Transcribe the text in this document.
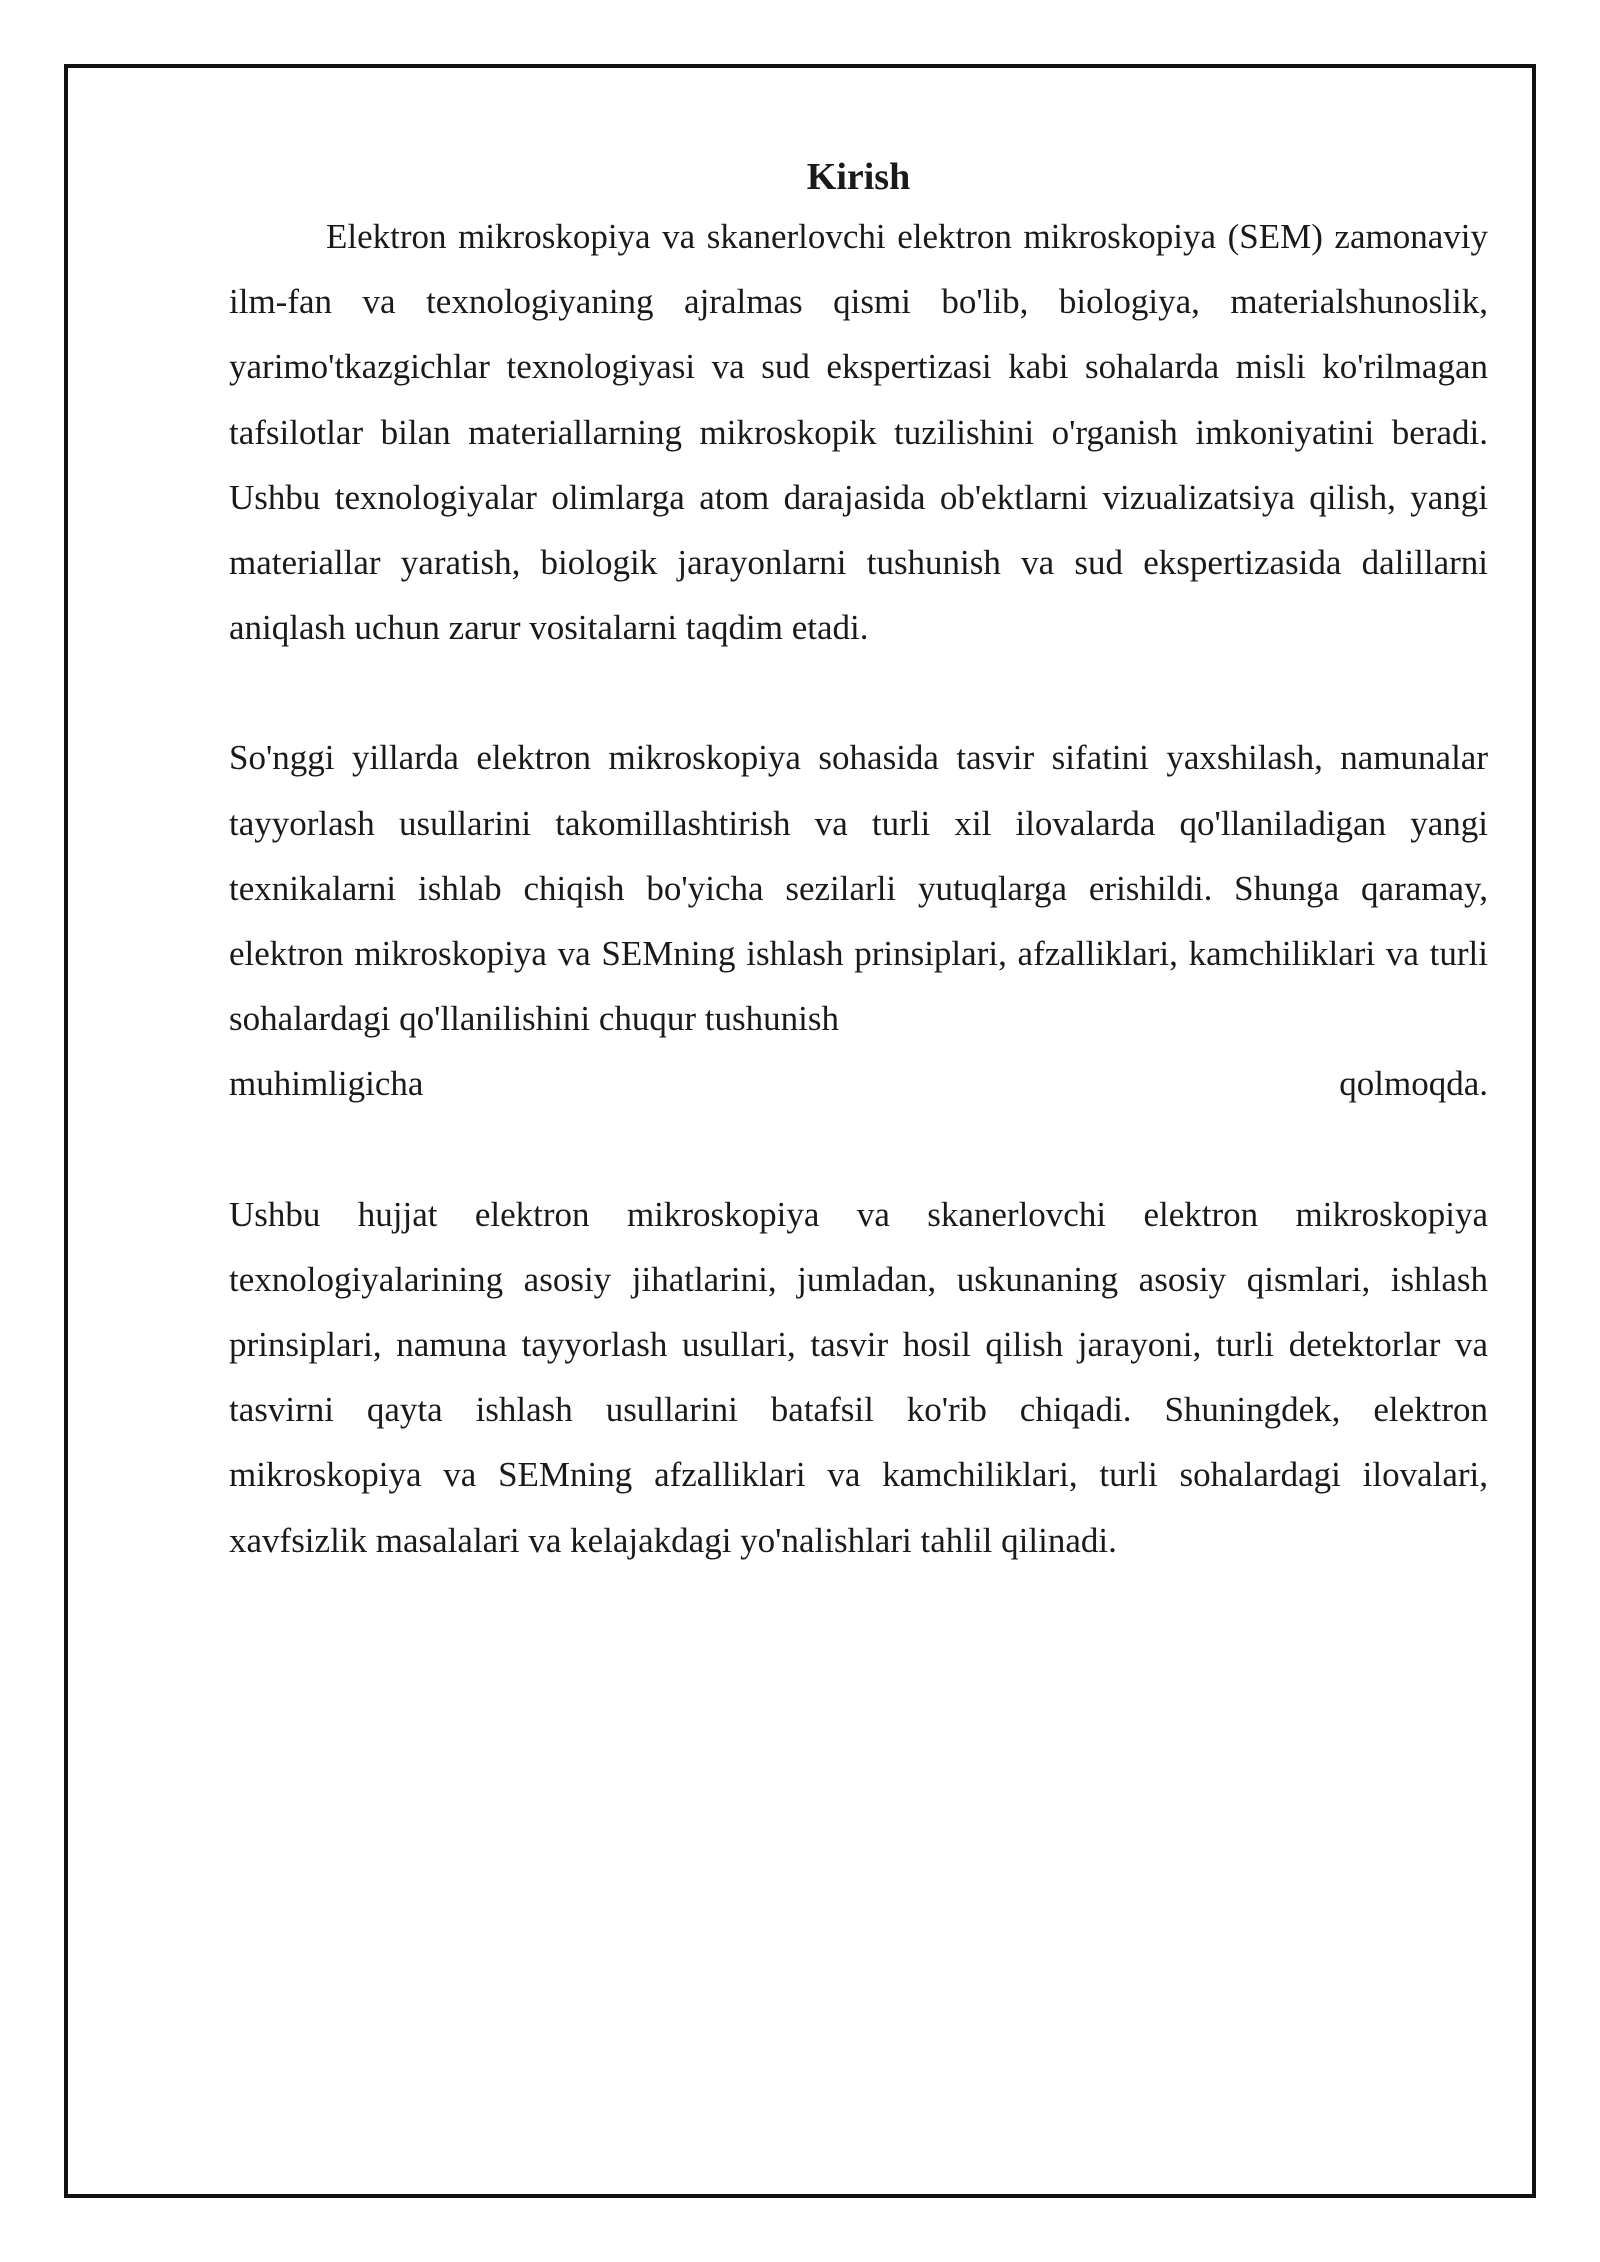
Kirish

Elektron mikroskopiya va skanerlovchi elektron mikroskopiya (SEM) zamonaviy ilm-fan va texnologiyaning ajralmas qismi bo'lib, biologiya, materialshunoslik, yarimo'tkazgichlar texnologiyasi va sud ekspertizasi kabi sohalarda misli ko'rilmagan tafsilotlar bilan materiallarning mikroskopik tuzilishini o'rganish imkoniyatini beradi. Ushbu texnologiyalar olimlarga atom darajasida ob'ektlarni vizualizatsiya qilish, yangi materiallar yaratish, biologik jarayonlarni tushunish va sud ekspertizasida dalillarni aniqlash uchun zarur vositalarni taqdim etadi.

So'nggi yillarda elektron mikroskopiya sohasida tasvir sifatini yaxshilash, namunalar tayyorlash usullarini takomillashtirish va turli xil ilovalarda qo'llaniladigan yangi texnikalarni ishlab chiqish bo'yicha sezilarli yutuqlarga erishildi. Shunga qaramay, elektron mikroskopiya va SEMning ishlash prinsiplari, afzalliklari, kamchiliklari va turli sohalardagi qo'llanilishini chuqur tushunish
muhimligicha qolmoqda.

Ushbu hujjat elektron mikroskopiya va skanerlovchi elektron mikroskopiya texnologiyalarining asosiy jihatlarini, jumladan, uskunaning asosiy qismlari, ishlash prinsiplari, namuna tayyorlash usullari, tasvir hosil qilish jarayoni, turli detektorlar va tasvirni qayta ishlash usullarini batafsil ko'rib chiqadi. Shuningdek, elektron mikroskopiya va SEMning afzalliklari va kamchiliklari, turli sohalardagi ilovalari, xavfsizlik masalalari va kelajakdagi yo'nalishlari tahlil qilinadi.
